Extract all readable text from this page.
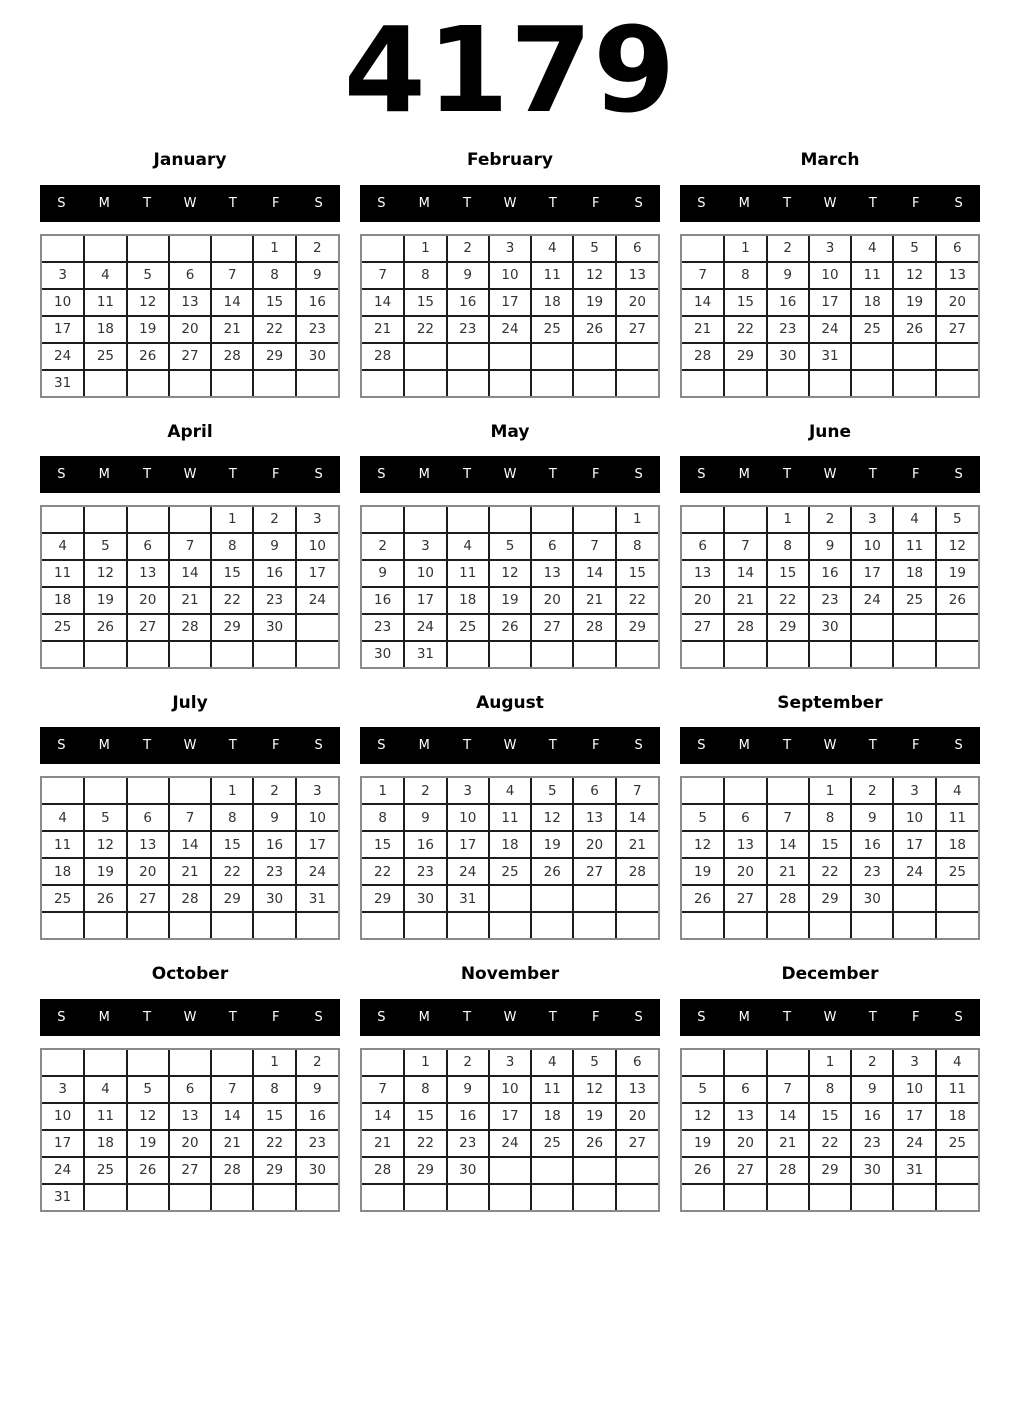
4179
January
S	M	T	W	T	F	S
					1	2
3	4	5	6	7	8	9
10	11	12	13	14	15	16
17	18	19	20	21	22	23
24	25	26	27	28	29	30
31						
February
S	M	T	W	T	F	S
	1	2	3	4	5	6
7	8	9	10	11	12	13
14	15	16	17	18	19	20
21	22	23	24	25	26	27
28						

March
S	M	T	W	T	F	S
	1	2	3	4	5	6
7	8	9	10	11	12	13
14	15	16	17	18	19	20
21	22	23	24	25	26	27
28	29	30	31			

April
S	M	T	W	T	F	S
				1	2	3
4	5	6	7	8	9	10
11	12	13	14	15	16	17
18	19	20	21	22	23	24
25	26	27	28	29	30	

May
S	M	T	W	T	F	S
						1
2	3	4	5	6	7	8
9	10	11	12	13	14	15
16	17	18	19	20	21	22
23	24	25	26	27	28	29
30	31					
June
S	M	T	W	T	F	S
		1	2	3	4	5
6	7	8	9	10	11	12
13	14	15	16	17	18	19
20	21	22	23	24	25	26
27	28	29	30			

July
S	M	T	W	T	F	S
				1	2	3
4	5	6	7	8	9	10
11	12	13	14	15	16	17
18	19	20	21	22	23	24
25	26	27	28	29	30	31

August
S	M	T	W	T	F	S
1	2	3	4	5	6	7
8	9	10	11	12	13	14
15	16	17	18	19	20	21
22	23	24	25	26	27	28
29	30	31				

September
S	M	T	W	T	F	S
			1	2	3	4
5	6	7	8	9	10	11
12	13	14	15	16	17	18
19	20	21	22	23	24	25
26	27	28	29	30		

October
S	M	T	W	T	F	S
					1	2
3	4	5	6	7	8	9
10	11	12	13	14	15	16
17	18	19	20	21	22	23
24	25	26	27	28	29	30
31						
November
S	M	T	W	T	F	S
	1	2	3	4	5	6
7	8	9	10	11	12	13
14	15	16	17	18	19	20
21	22	23	24	25	26	27
28	29	30				

December
S	M	T	W	T	F	S
			1	2	3	4
5	6	7	8	9	10	11
12	13	14	15	16	17	18
19	20	21	22	23	24	25
26	27	28	29	30	31	
